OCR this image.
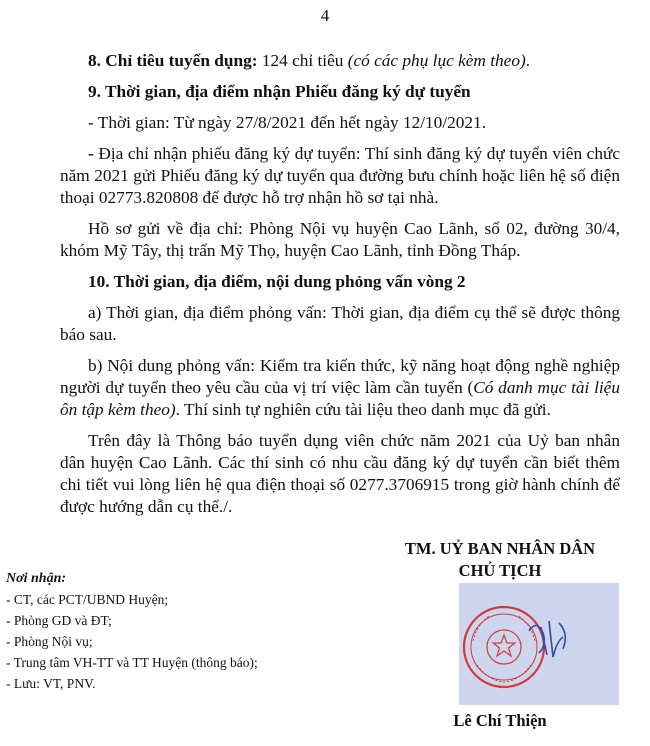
4

8. Chỉ tiêu tuyển dụng: 124 chỉ tiêu (có các phụ lục kèm theo).

9. Thời gian, địa điểm nhận Phiếu đăng ký dự tuyển

- Thời gian: Từ ngày 27/8/2021 đến hết ngày 12/10/2021.

- Địa chỉ nhận phiếu đăng ký dự tuyển: Thí sinh đăng ký dự tuyển viên chức năm 2021 gửi Phiếu đăng ký dự tuyển qua đường bưu chính hoặc liên hệ số điện thoại 02773.820808 để được hỗ trợ nhận hồ sơ tại nhà.

Hồ sơ gửi về địa chỉ: Phòng Nội vụ huyện Cao Lãnh, số 02, đường 30/4, khóm Mỹ Tây, thị trấn Mỹ Thọ, huyện Cao Lãnh, tỉnh Đồng Tháp.

10. Thời gian, địa điểm, nội dung phỏng vấn vòng 2

a) Thời gian, địa điểm phỏng vấn: Thời gian, địa điểm cụ thể sẽ được thông báo sau.

b) Nội dung phỏng vấn: Kiểm tra kiến thức, kỹ năng hoạt động nghề nghiệp người dự tuyển theo yêu cầu của vị trí việc làm cần tuyển (Có danh mục tài liệu ôn tập kèm theo). Thí sinh tự nghiên cứu tài liệu theo danh mục đã gửi.

Trên đây là Thông báo tuyển dụng viên chức năm 2021 của Uỷ ban nhân dân huyện Cao Lãnh. Các thí sinh có nhu cầu đăng ký dự tuyển cần biết thêm chi tiết vui lòng liên hệ qua điện thoại số 0277.3706915 trong giờ hành chính để được hướng dẫn cụ thể./.

Nơi nhận:
- CT, các PCT/UBND Huyện;
- Phòng GD và ĐT;
- Phòng Nội vụ;
- Trung tâm VH-TT và TT Huyện (thông báo);
- Lưu: VT, PNV.
TM. UỶ BAN NHÂN DÂN
CHỦ TỊCH
Lê Chí Thiện
